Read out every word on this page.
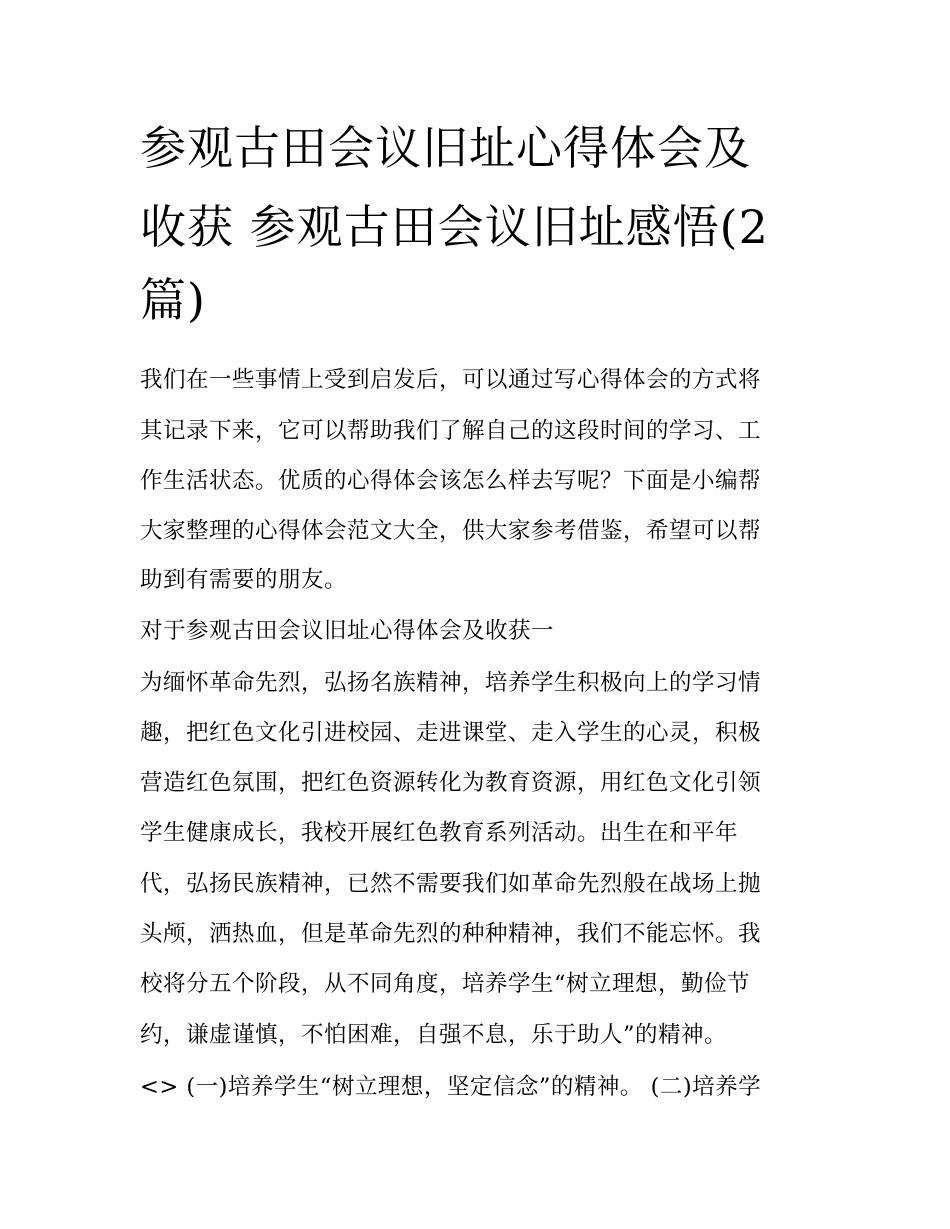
参观古田会议旧址心得体会及
收获 参观古田会议旧址感悟(2
篇)
我们在一些事情上受到启发后，可以通过写心得体会的方式将
其记录下来，它可以帮助我们了解自己的这段时间的学习、工
作生活状态。优质的心得体会该怎么样去写呢？下面是小编帮
大家整理的心得体会范文大全，供大家参考借鉴，希望可以帮
助到有需要的朋友。
对于参观古田会议旧址心得体会及收获一
为缅怀革命先烈，弘扬名族精神，培养学生积极向上的学习情
趣，把红色文化引进校园、走进课堂、走入学生的心灵，积极
营造红色氛围，把红色资源转化为教育资源，用红色文化引领
学生健康成长，我校开展红色教育系列活动。出生在和平年
代，弘扬民族精神，已然不需要我们如革命先烈般在战场上抛
头颅，洒热血，但是革命先烈的种种精神，我们不能忘怀。我
校将分五个阶段，从不同角度，培养学生“树立理想，勤俭节
约，谦虚谨慎，不怕困难，自强不息，乐于助人”的精神。
<> (一)培养学生“树立理想，坚定信念”的精神。 (二)培养学
